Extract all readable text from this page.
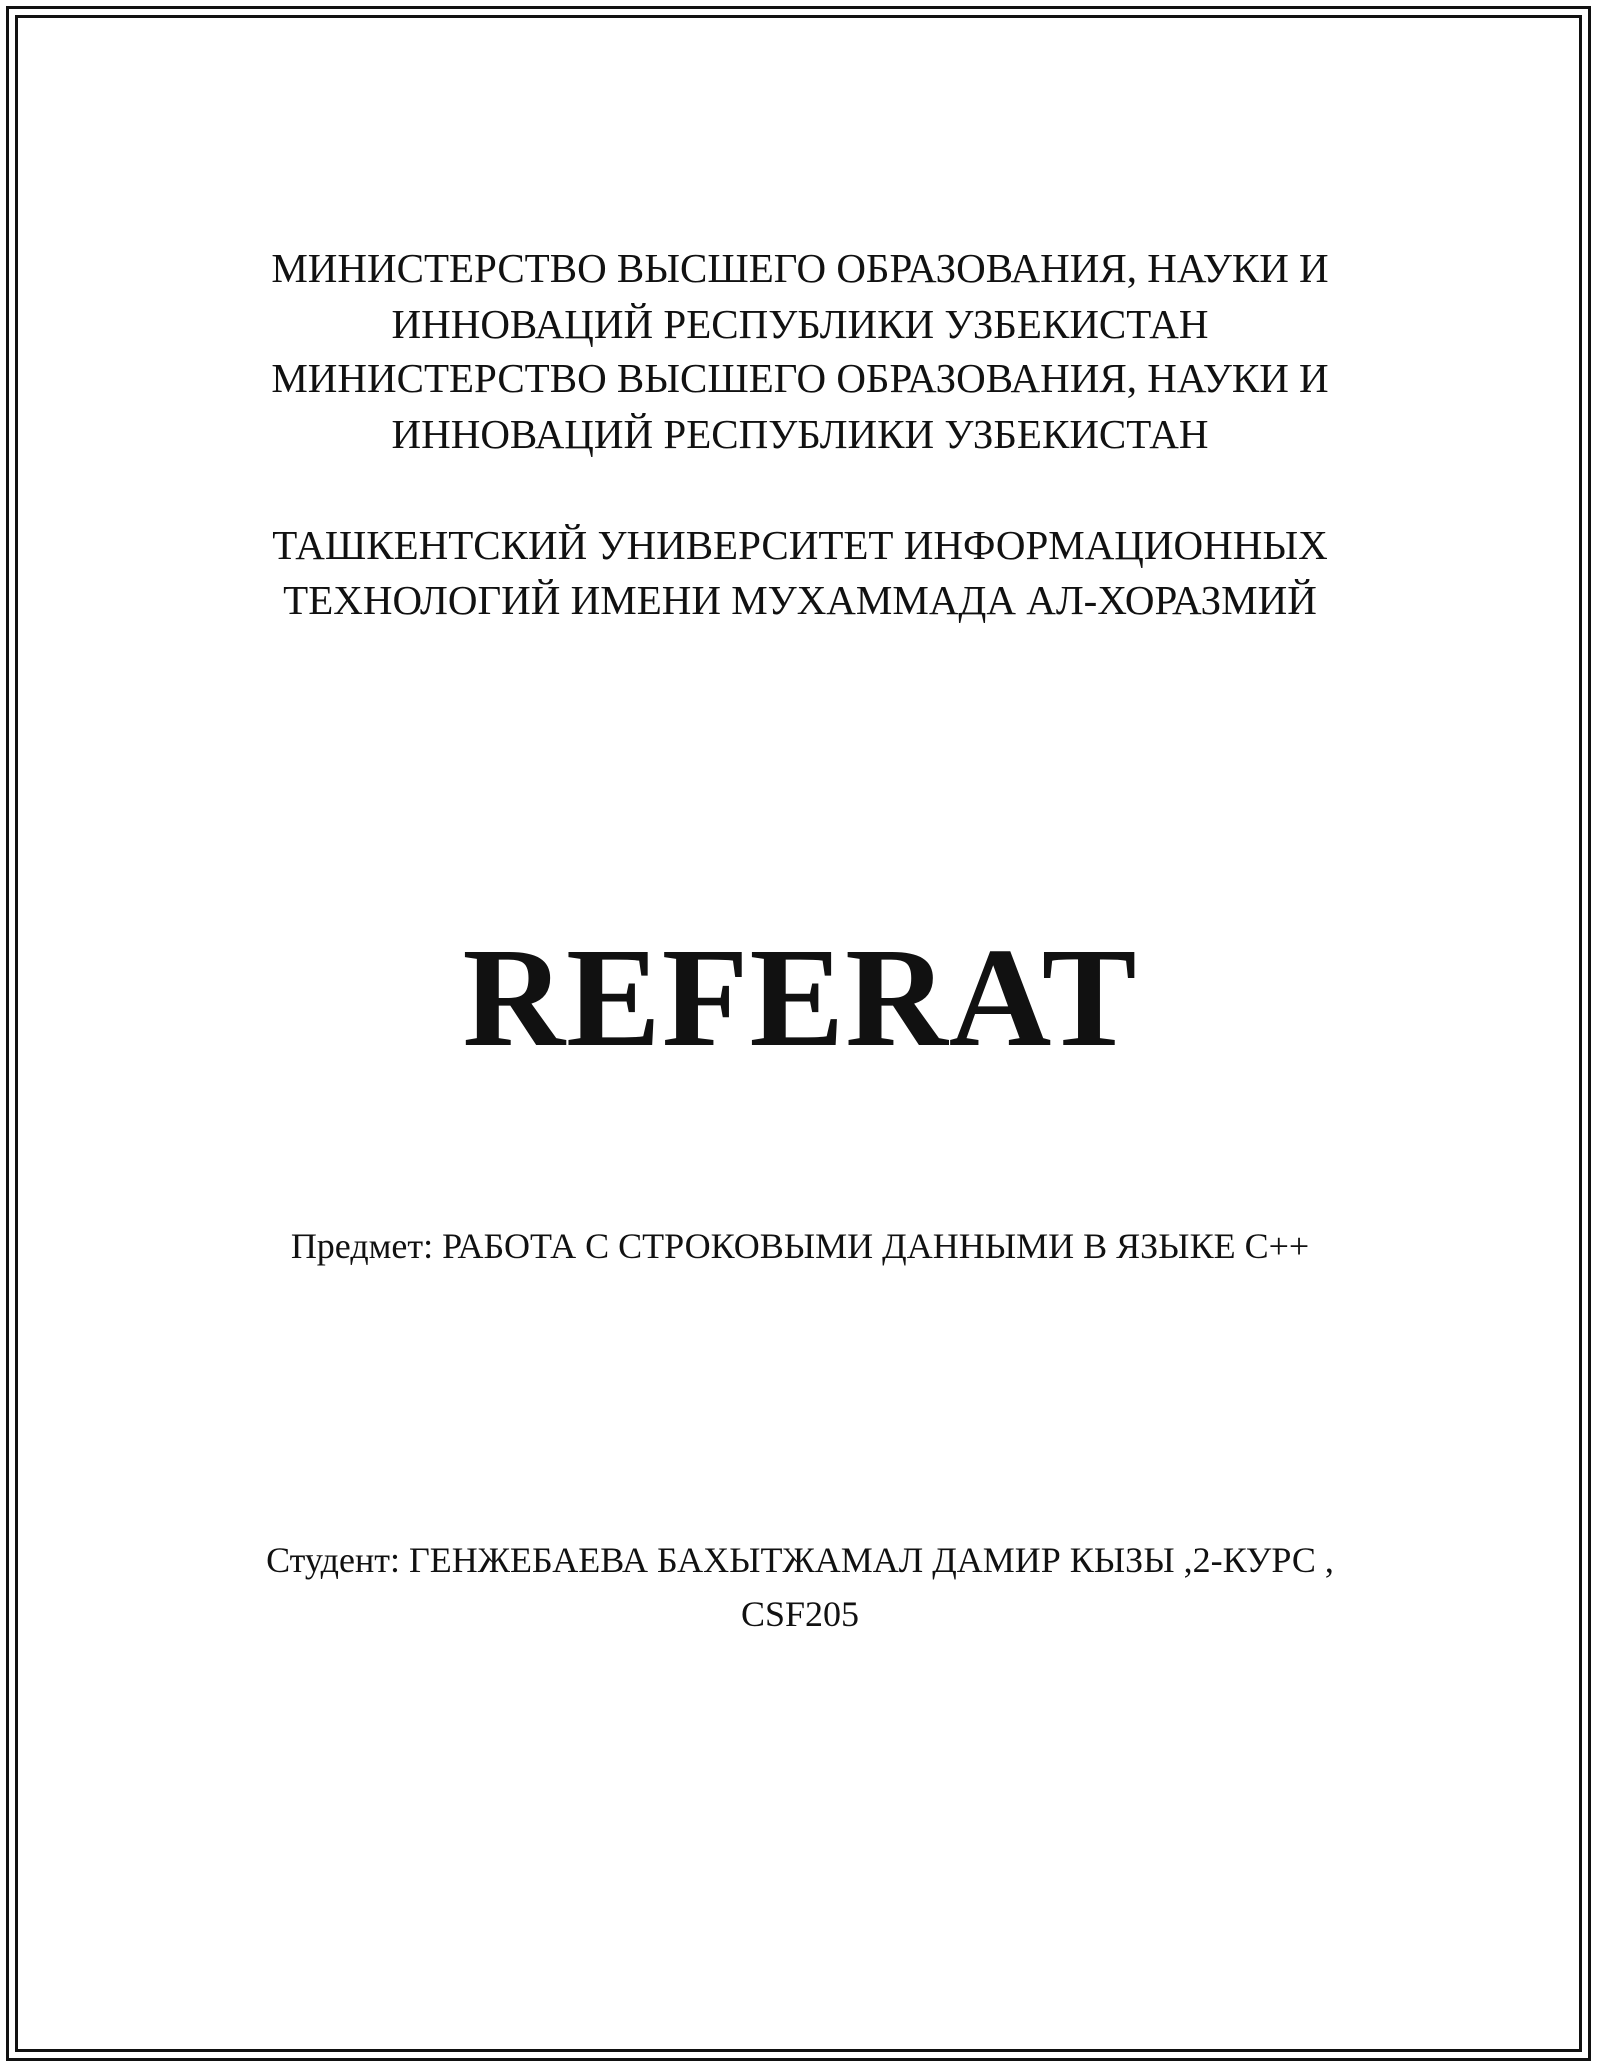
МИНИСТЕРСТВО ВЫСШЕГО ОБРАЗОВАНИЯ, НАУКИ И
ИННОВАЦИЙ РЕСПУБЛИКИ УЗБЕКИСТАН
МИНИСТЕРСТВО ВЫСШЕГО ОБРАЗОВАНИЯ, НАУКИ И
ИННОВАЦИЙ РЕСПУБЛИКИ УЗБЕКИСТАН
ТАШКЕНТСКИЙ УНИВЕРСИТЕТ ИНФОРМАЦИОННЫХ
ТЕХНОЛОГИЙ ИМЕНИ МУХАММАДА АЛ-ХОРАЗМИЙ
REFERAT
Предмет: РАБОТА С СТРОКОВЫМИ ДАННЫМИ В ЯЗЫКЕ C++
Студент: ГЕНЖЕБАЕВА БАХЫТЖАМАЛ ДАМИР КЫЗЫ ,2-КУРС ,
CSF205
